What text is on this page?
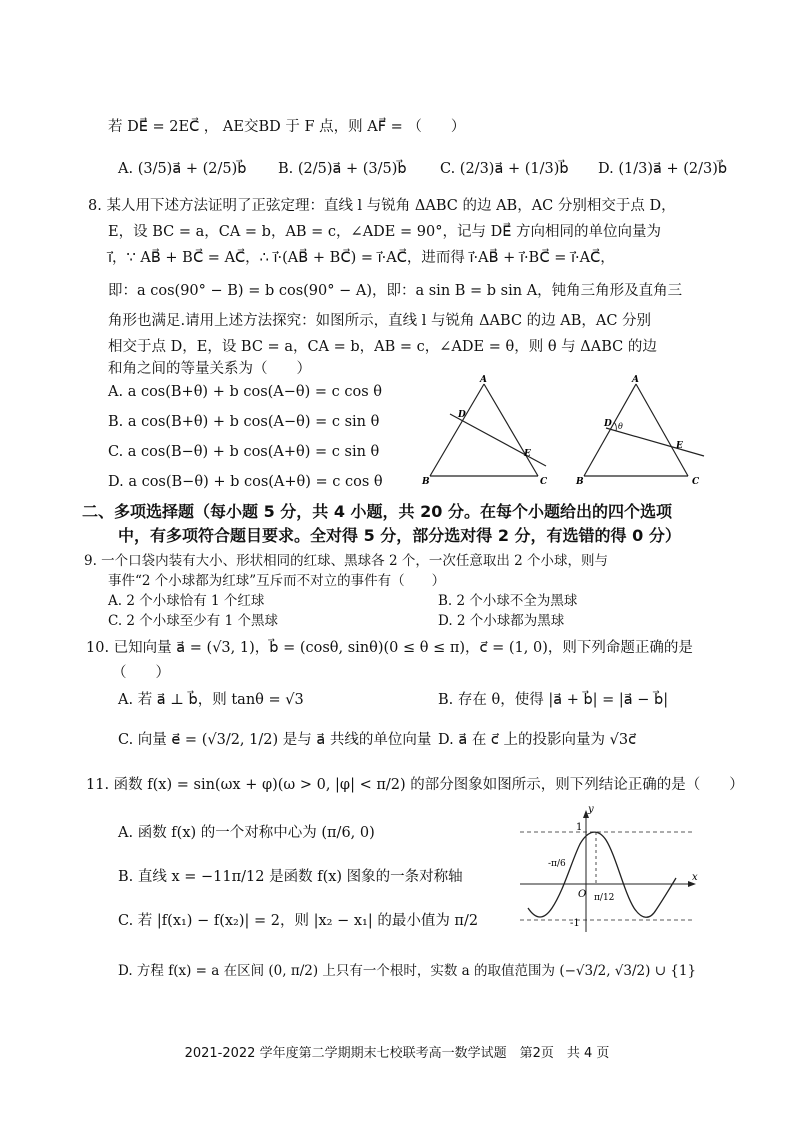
若 DE⃗ = 2EC⃗ ， AE交BD 于 F 点，则 AF⃗ = （　　）
A. (3/5)a⃗ + (2/5)b⃗ B. (2/5)a⃗ + (3/5)b⃗ C. (2/3)a⃗ + (1/3)b⃗ D. (1/3)a⃗ + (2/3)b⃗
8. 某人用下述方法证明了正弦定理：直线 l 与锐角 ΔABC 的边 AB，AC 分别相交于点 D，
E，设 BC = a，CA = b，AB = c，∠ADE = 90°，记与 DE⃗ 方向相同的单位向量为
i⃗，∵ AB⃗ + BC⃗ = AC⃗，∴ i⃗·(AB⃗ + BC⃗) = i⃗·AC⃗，进而得 i⃗·AB⃗ + i⃗·BC⃗ = i⃗·AC⃗，
即：a cos(90° − B) = b cos(90° − A)，即：a sin B = b sin A，钝角三角形及直角三
角形也满足.请用上述方法探究：如图所示，直线 l 与锐角 ΔABC 的边 AB，AC 分别
相交于点 D，E，设 BC = a，CA = b，AB = c，∠ADE = θ，则 θ 与 ΔABC 的边
和角之间的等量关系为（　　）
A. a cos(B+θ) + b cos(A−θ) = c cos θ
B. a cos(B+θ) + b cos(A−θ) = c sin θ
C. a cos(B−θ) + b cos(A+θ) = c sin θ
D. a cos(B−θ) + b cos(A+θ) = c cos θ
A
B	C
D
E
A
B	C
D θ
E
二、多项选择题（每小题 5 分，共 4 小题，共 20 分。在每个小题给出的四个选项
中，有多项符合题目要求。全对得 5 分，部分选对得 2 分，有选错的得 0 分）
9. 一个口袋内装有大小、形状相同的红球、黑球各 2 个，一次任意取出 2 个小球，则与
事件“2 个小球都为红球”互斥而不对立的事件有（　　）
A. 2 个小球恰有 1 个红球	B. 2 个小球不全为黑球
C. 2 个小球至少有 1 个黑球	D. 2 个小球都为黑球
10. 已知向量 a⃗ = (√3, 1)，b⃗ = (cosθ, sinθ)(0 ≤ θ ≤ π)，c⃗ = (1, 0)，则下列命题正确的是
（　　）
A. 若 a⃗ ⊥ b⃗，则 tanθ = √3	B. 存在 θ，使得 |a⃗ + b⃗| = |a⃗ − b⃗|
C. 向量 e⃗ = (√3/2, 1/2) 是与 a⃗ 共线的单位向量 D. a⃗ 在 c⃗ 上的投影向量为 √3c⃗
11. 函数 f(x) = sin(ωx + φ)(ω > 0, |φ| < π/2) 的部分图象如图所示，则下列结论正确的是（　　）
A. 函数 f(x) 的一个对称中心为 (π/6, 0)
B. 直线 x = −11π/12 是函数 f(x) 图象的一条对称轴
C. 若 |f(x₁) − f(x₂)| = 2，则 |x₂ − x₁| 的最小值为 π/2
D. 方程 f(x) = a 在区间 (0, π/2) 上只有一个根时，实数 a 的取值范围为 (−√3/2, √3/2) ∪ {1}
x
y
1
-1
O
-π/6
π/12
2021-2022 学年度第二学期期末七校联考高一数学试题　第2页　共 4 页
